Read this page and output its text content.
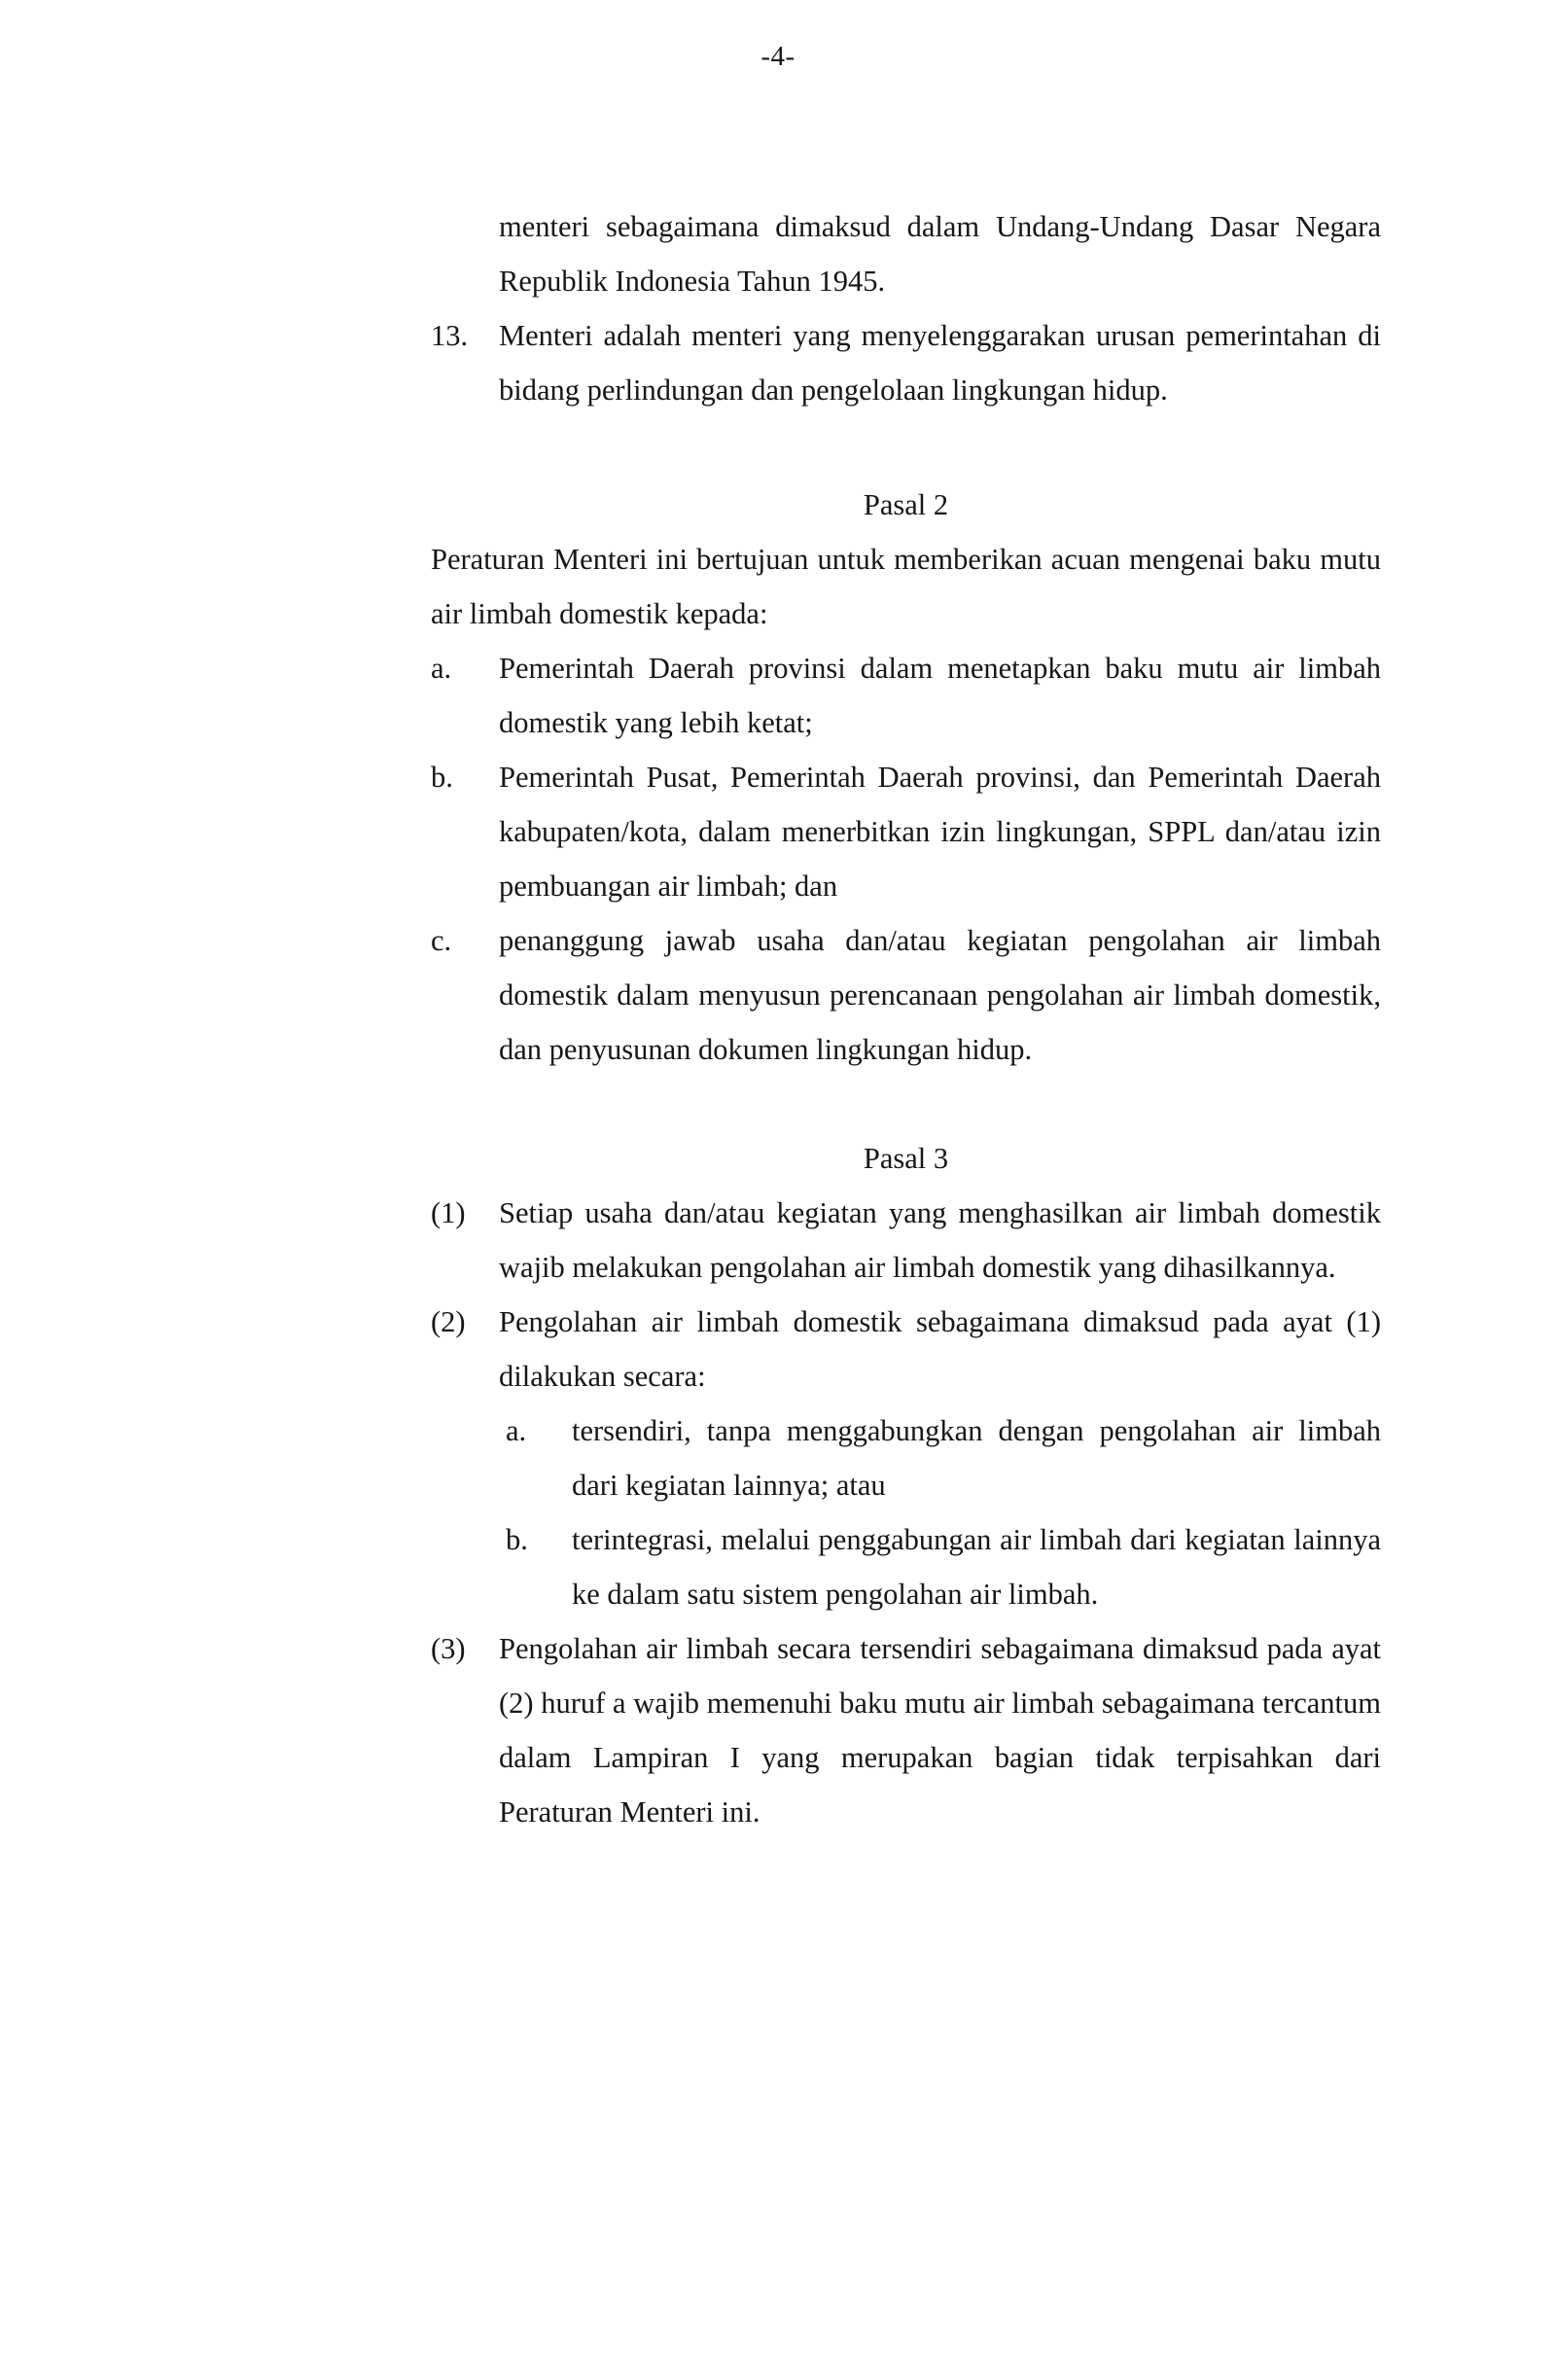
-4-
menteri sebagaimana dimaksud dalam Undang-Undang Dasar Negara Republik Indonesia Tahun 1945.
13.	Menteri adalah menteri yang menyelenggarakan urusan pemerintahan di bidang perlindungan dan pengelolaan lingkungan hidup.
Pasal 2
Peraturan Menteri ini bertujuan untuk memberikan acuan mengenai baku mutu air limbah domestik kepada:
a.	Pemerintah Daerah provinsi dalam menetapkan baku mutu air limbah domestik yang lebih ketat;
b.	Pemerintah Pusat, Pemerintah Daerah provinsi, dan Pemerintah Daerah kabupaten/kota, dalam menerbitkan izin lingkungan, SPPL dan/atau izin pembuangan air limbah; dan
c.	penanggung jawab usaha dan/atau kegiatan pengolahan air limbah domestik dalam menyusun perencanaan pengolahan air limbah domestik, dan penyusunan dokumen lingkungan hidup.
Pasal 3
(1)	Setiap usaha dan/atau kegiatan yang menghasilkan air limbah domestik wajib melakukan pengolahan air limbah domestik yang dihasilkannya.
(2)	Pengolahan air limbah domestik sebagaimana dimaksud pada ayat (1) dilakukan secara:
a.	tersendiri, tanpa menggabungkan dengan pengolahan air limbah dari kegiatan lainnya; atau
b.	terintegrasi, melalui penggabungan air limbah dari kegiatan lainnya ke dalam satu sistem pengolahan air limbah.
(3)	Pengolahan air limbah secara tersendiri sebagaimana dimaksud pada ayat (2) huruf a wajib memenuhi baku mutu air limbah sebagaimana tercantum dalam Lampiran I yang merupakan bagian tidak terpisahkan dari Peraturan Menteri ini.
